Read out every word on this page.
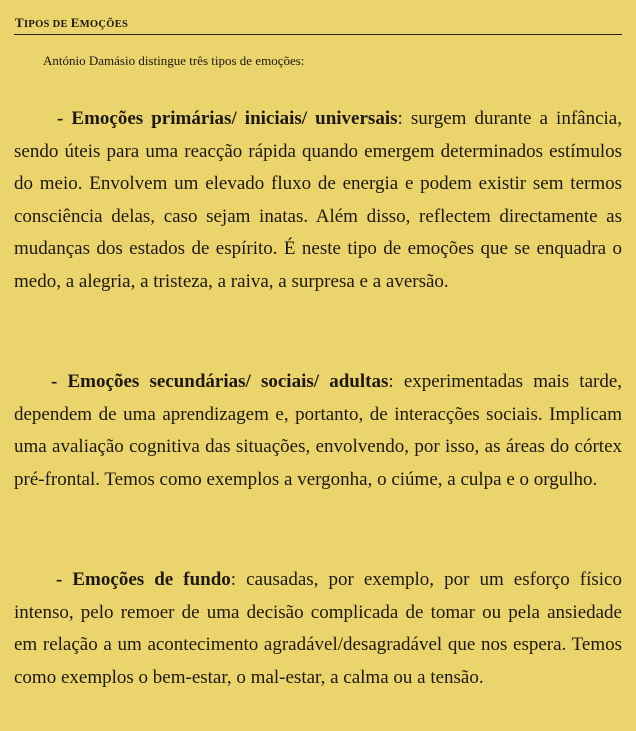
TIPOS DE EMOÇÕES
António Damásio distingue três tipos de emoções:

- Emoções primárias/ iniciais/ universais: surgem durante a infância, sendo úteis para uma reacção rápida quando emergem determinados estímulos do meio. Envolvem um elevado fluxo de energia e podem existir sem termos consciência delas, caso sejam inatas. Além disso, reflectem directamente as mudanças dos estados de espírito. É neste tipo de emoções que se enquadra o medo, a alegria, a tristeza, a raiva, a surpresa e a aversão.

- Emoções secundárias/ sociais/ adultas: experimentadas mais tarde, dependem de uma aprendizagem e, portanto, de interacções sociais. Implicam uma avaliação cognitiva das situações, envolvendo, por isso, as áreas do córtex pré-frontal. Temos como exemplos a vergonha, o ciúme, a culpa e o orgulho.

- Emoções de fundo: causadas, por exemplo, por um esforço físico intenso, pelo remoer de uma decisão complicada de tomar ou pela ansiedade em relação a um acontecimento agradável/desagradável que nos espera. Temos como exemplos o bem-estar, o mal-estar, a calma ou a tensão.
